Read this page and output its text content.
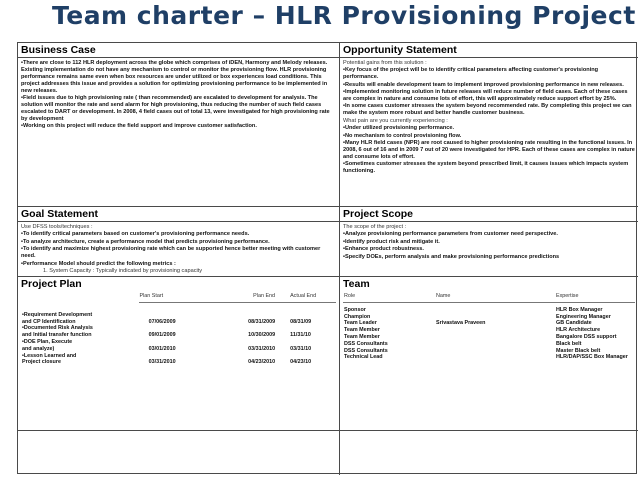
Team charter – HLR Provisioning Project
Business Case
•There are close to 112 HLR deployment across the globe which comprises of iDEN, Harmony and Melody releases. Existing implementation do not have any mechanism to control or monitor the provisioning flow. HLR provisioning performance remains same even when box resources are under utilized or box experiences load conditions. This project addresses this issue and provides a solution for optimizing provisioning performance to be implemented in new releases.
•Field issues due to high provisioning rate ( than recommended) are escalated to development for analysis. The solution will monitor the rate and send alarm for high provisioning, thus reducing the number of such field cases escalated to DART or development. In 2008, 4 field cases out of total 13, were investigated for high provisioning rate by development
•Working on this project will reduce the field support and improve customer satisfaction.
Opportunity Statement
Potential gains from this solution :
•Key focus of the project will be to identify critical parameters affecting customer's provisioning performance.
•Results will enable development team to implement improved provisioning performance in new releases.
•Implemented monitoring solution in future releases will reduce number of field cases. Each of these cases are complex in nature and consume lots of effort, this will approximately reduce support effort by 25%.
•In some cases customer stresses the system beyond recommended rate. By completing this project we can make the system more robust and better handle customer business.
What pain are you currently experiencing :
•Under utilized provisioning performance.
•No mechanism to control provisioning flow.
•Many HLR field cases (NPR) are root caused to higher provisioning rate resulting in the functional issues. In 2008, 6 out of 16 and in 2009 7 out of 20 were investigated for HPR. Each of these cases are complex in nature and consume lots of effort.
•Sometimes customer stresses the system beyond prescribed limit, it causes issues which impacts system functioning.
Goal Statement
Use DFSS tools/techniques :
•To identify critical parameters based on customer's provisioning performance needs.
•To analyze architecture, create a performance model that predicts provisioning performance.
•To identify and maximize highest provisioning rate which can be supported hence better meeting with customer need.
•Performance Model should predict the following metrics :
1. System Capacity : Typically indicated by provisioning capacity
Project Scope
The scope of the project :
•Analyze provisioning performance parameters from customer need perspective.
•Identify product risk and mitigate it.
•Enhance product robustness.
•Specify DOEs, perform analysis and make provisioning performance predictions
Project Plan
	Plan Start	Plan End	Actual End
•Requirement Development			
and CP Identification	07/06/2009	08/31/2009	08/31/09
•Documented Risk Analysis			
and Initial transfer function	09/01/2009	10/30/2009	11/31/10
•DOE Plan, Execute			
and analyze)	03/01/2010	03/31/2010	03/31/10
•Lesson Learned and			
Project closure	03/31/2010	04/23/2010	04/23/10
Team
Role	Name	Expertise
Sponsor		HLR Box Manager
Champion		Engineering Manager
Team Leader	Srivastava Praveen	GB Candidate
Team Member		HLR Architecture
Team Member		Bangalore DSS support
DSS Consultants		Black belt
DSS Consultants		Master Black belt

Technical Lead		HLR/DAP/SSC Box Manager
